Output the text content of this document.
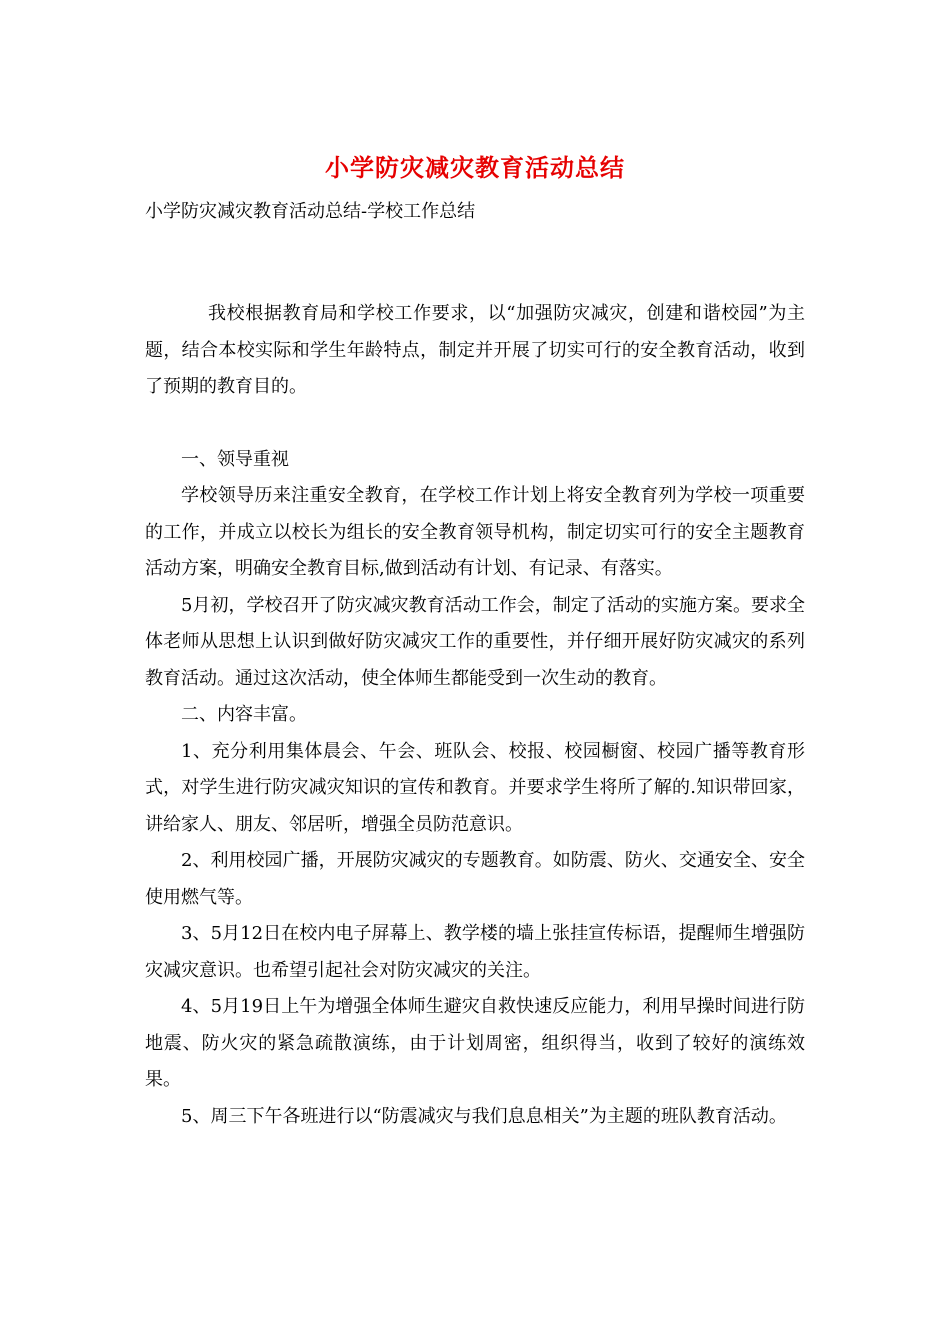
小学防灾减灾教育活动总结
小学防灾减灾教育活动总结-学校工作总结

我校根据教育局和学校工作要求，以“加强防灾减灾，创建和谐校园”为主题，结合本校实际和学生年龄特点，制定并开展了切实可行的安全教育活动，收到了预期的教育目的。

一、领导重视

学校领导历来注重安全教育，在学校工作计划上将安全教育列为学校一项重要的工作，并成立以校长为组长的安全教育领导机构，制定切实可行的安全主题教育活动方案，明确安全教育目标,做到活动有计划、有记录、有落实。

5月初，学校召开了防灾减灾教育活动工作会，制定了活动的实施方案。要求全体老师从思想上认识到做好防灾减灾工作的重要性，并仔细开展好防灾减灾的系列教育活动。通过这次活动，使全体师生都能受到一次生动的教育。

二、内容丰富。

1、充分利用集体晨会、午会、班队会、校报、校园橱窗、校园广播等教育形式，对学生进行防灾减灾知识的宣传和教育。并要求学生将所了解的.知识带回家，讲给家人、朋友、邻居听，增强全员防范意识。

2、利用校园广播，开展防灾减灾的专题教育。如防震、防火、交通安全、安全使用燃气等。

3、5月12日在校内电子屏幕上、教学楼的墙上张挂宣传标语，提醒师生增强防灾减灾意识。也希望引起社会对防灾减灾的关注。

4、5月19日上午为增强全体师生避灾自救快速反应能力，利用早操时间进行防地震、防火灾的紧急疏散演练，由于计划周密，组织得当，收到了较好的演练效果。

5、周三下午各班进行以“防震减灾与我们息息相关”为主题的班队教育活动。
